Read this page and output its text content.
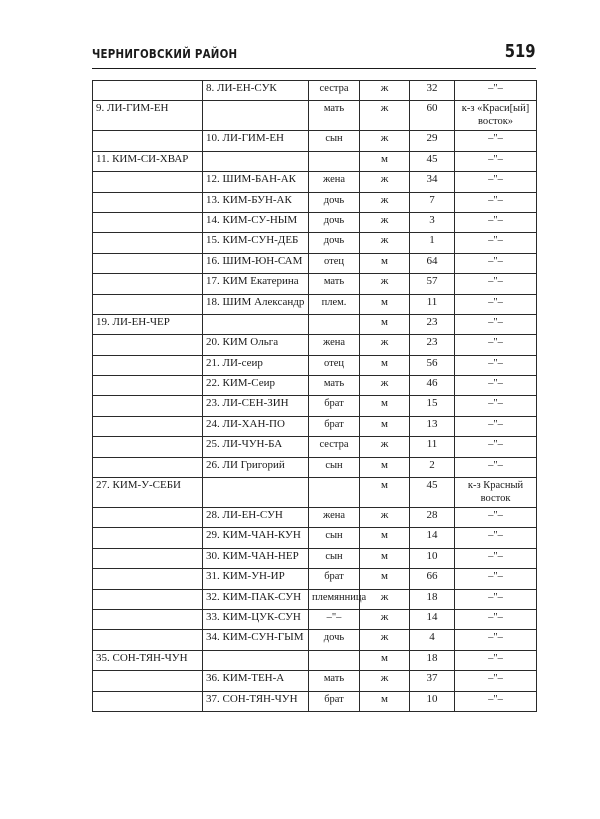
ЧЕРНИГОВСКИЙ РАЙОН	519
	8. ЛИ-ЕН-СУК	сестра	ж	32	–"–
9. ЛИ-ГИМ-ЕН		мать	ж	60	к-з «Краси[ый] восток»
	10. ЛИ-ГИМ-ЕН	сын	ж	29	–"–
11. КИМ-СИ-ХВАР			м	45	–"–
	12. ШИМ-БАН-АК	жена	ж	34	–"–
	13. КИМ-БУН-АК	дочь	ж	7	–"–
	14. КИМ-СУ-НЫМ	дочь	ж	3	–"–
	15. КИМ-СУН-ДЕБ	дочь	ж	1	–"–
	16. ШИМ-ЮН-САМ	отец	м	64	–"–
	17. КИМ Екатерина	мать	ж	57	–"–
	18. ШИМ Александр	плем.	м	11	–"–
19. ЛИ-ЕН-ЧЕР			м	23	–"–
	20. КИМ Ольга	жена	ж	23	–"–
	21. ЛИ-сеир	отец	м	56	–"–
	22. КИМ-Сеир	мать	ж	46	–"–
	23. ЛИ-СЕН-ЗИН	брат	м	15	–"–
	24. ЛИ-ХАН-ПО	брат	м	13	–"–
	25. ЛИ-ЧУН-БА	сестра	ж	11	–"–
	26. ЛИ Григорий	сын	м	2	–"–
27. КИМ-У-СЕБИ			м	45	к-з Красный восток
	28. ЛИ-ЕН-СУН	жена	ж	28	–"–
	29. КИМ-ЧАН-КУН	сын	м	14	–"–
	30. КИМ-ЧАН-НЕР	сын	м	10	–"–
	31. КИМ-УН-ИР	брат	м	66	–"–
	32. КИМ-ПАК-СУН	племянница	ж	18	–"–
	33. КИМ-ЦУК-СУН	–"–	ж	14	–"–
	34. КИМ-СУН-ГЫМ	дочь	ж	4	–"–
35. СОН-ТЯН-ЧУН			м	18	–"–
	36. КИМ-ТЕН-А	мать	ж	37	–"–
	37. СОН-ТЯН-ЧУН	брат	м	10	–"–
